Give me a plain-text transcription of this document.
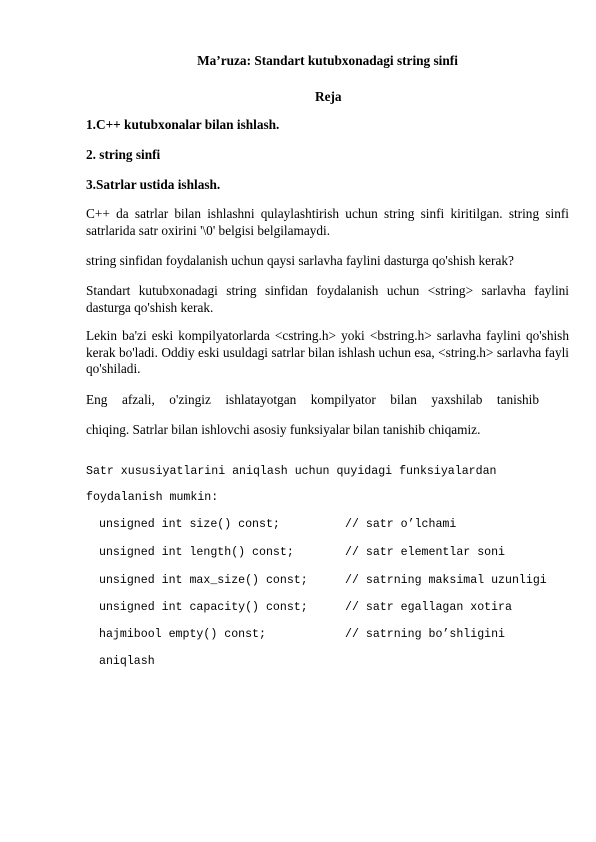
Ma’ruza: Standart kutubxonadagi string sinfi

Reja

1.C++ kutubxonalar bilan ishlash.

2. string sinfi

3.Satrlar ustida ishlash.

C++ da satrlar bilan ishlashni qulaylashtirish uchun string sinfi kiritilgan. string sinfi satrlarida satr oxirini '\0' belgisi belgilamaydi.

string sinfidan foydalanish uchun qaysi sarlavha faylini dasturga qo'shish kerak?

Standart kutubxonadagi string sinfidan foydalanish uchun <string> sarlavha faylini dasturga qo'shish kerak.

Lekin ba'zi eski kompilyatorlarda <cstring.h> yoki <bstring.h> sarlavha faylini qo'shish kerak bo'ladi. Oddiy eski usuldagi satrlar bilan ishlash uchun esa, <string.h> sarlavha fayli qo'shiladi.

Eng afzali, o'zingiz ishlatayotgan kompilyator bilan yaxshilab tanishib

chiqing. Satrlar bilan ishlovchi asosiy funksiyalar bilan tanishib chiqamiz.

Satr xususiyatlarini aniqlash uchun quyidagi funksiyalardan

foydalanish mumkin:

unsigned int size() const;	// satr o’lchami
unsigned int length() const;	// satr elementlar soni
unsigned int max_size() const;	// satrning maksimal uzunligi
unsigned int capacity() const;	// satr egallagan xotira
hajmibool empty() const;	// satrning bo’shligini

aniqlash
